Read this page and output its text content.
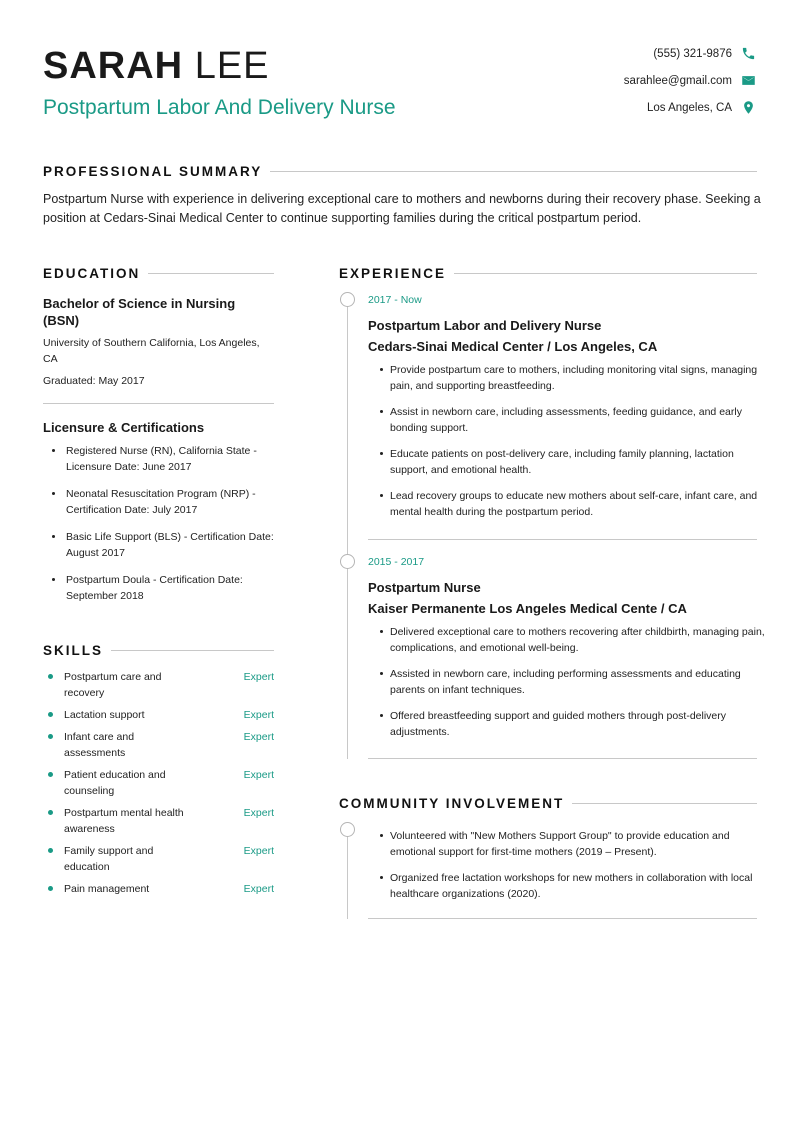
SARAH LEE
Postpartum Labor And Delivery Nurse
(555) 321-9876
sarahlee@gmail.com
Los Angeles, CA
PROFESSIONAL SUMMARY

Postpartum Nurse with experience in delivering exceptional care to mothers and newborns during their recovery phase. Seeking a position at Cedars-Sinai Medical Center to continue supporting families during the critical postpartum period.

EDUCATION
Bachelor of Science in Nursing (BSN)
University of Southern California, Los Angeles, CA
Graduated: May 2017
Licensure & Certifications
Registered Nurse (RN), California State - Licensure Date: June 2017
Neonatal Resuscitation Program (NRP) - Certification Date: July 2017
Basic Life Support (BLS) - Certification Date: August 2017
Postpartum Doula - Certification Date: September 2018
SKILLS
Postpartum care and recovery
Expert
Lactation support	Expert
Infant care and assessments
Expert
Patient education and counseling
Expert
Postpartum mental health awareness
Expert
Family support and education
Expert
Pain management	Expert
EXPERIENCE
2017 - Now
Postpartum Labor and Delivery Nurse
Cedars-Sinai Medical Center / Los Angeles, CA
Provide postpartum care to mothers, including monitoring vital signs, managing pain, and supporting breastfeeding.
Assist in newborn care, including assessments, feeding guidance, and early bonding support.
Educate patients on post-delivery care, including family planning, lactation support, and emotional health.
Lead recovery groups to educate new mothers about self-care, infant care, and mental health during the postpartum period.
2015 - 2017
Postpartum Nurse
Kaiser Permanente Los Angeles Medical Cente / CA
Delivered exceptional care to mothers recovering after childbirth, managing pain, complications, and emotional well-being.
Assisted in newborn care, including performing assessments and educating parents on infant techniques.
Offered breastfeeding support and guided mothers through post-delivery adjustments.
COMMUNITY INVOLVEMENT
Volunteered with "New Mothers Support Group" to provide education and emotional support for first-time mothers (2019 – Present).
Organized free lactation workshops for new mothers in collaboration with local healthcare organizations (2020).
